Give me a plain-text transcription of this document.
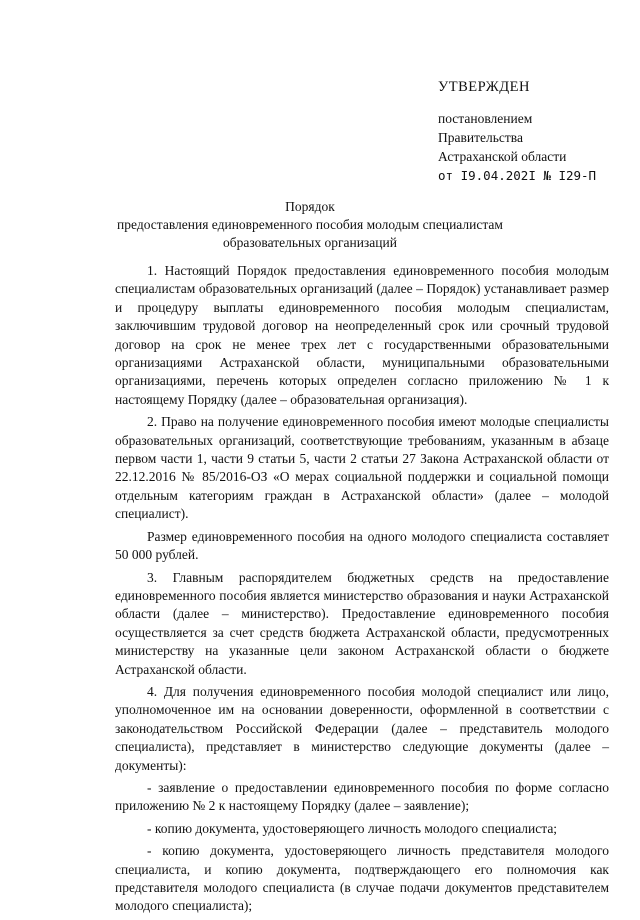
УТВЕРЖДЕН
постановлением
Правительства
Астраханской области
от I9.04.202I № I29-П
Порядок
предоставления единовременного пособия молодым специалистам
образовательных организаций

1. Настоящий Порядок предоставления единовременного пособия молодым специалистам образовательных организаций (далее – Порядок) устанавливает размер и процедуру выплаты единовременного пособия молодым специалистам, заключившим трудовой договор на неопределенный срок или срочный трудовой договор на срок не менее трех лет с государственными образовательными организациями Астраханской области, муниципальными образовательными организациями, перечень которых определен согласно приложению № 1 к настоящему Порядку (далее – образовательная организация).

2. Право на получение единовременного пособия имеют молодые специалисты образовательных организаций, соответствующие требованиям, указанным в абзаце первом части 1, части 9 статьи 5, части 2 статьи 27 Закона Астраханской области от 22.12.2016 № 85/2016-ОЗ «О мерах социальной поддержки и социальной помощи отдельным категориям граждан в Астраханской области» (далее – молодой специалист).

Размер единовременного пособия на одного молодого специалиста составляет 50 000 рублей.

3. Главным распорядителем бюджетных средств на предоставление единовременного пособия является министерство образования и науки Астраханской области (далее – министерство). Предоставление единовременного пособия осуществляется за счет средств бюджета Астраханской области, предусмотренных министерству на указанные цели законом Астраханской области о бюджете Астраханской области.

4. Для получения единовременного пособия молодой специалист или лицо, уполномоченное им на основании доверенности, оформленной в соответствии с законодательством Российской Федерации (далее – представитель молодого специалиста), представляет в министерство следующие документы (далее – документы):

- заявление о предоставлении единовременного пособия по форме согласно приложению № 2 к настоящему Порядку (далее – заявление);

- копию документа, удостоверяющего личность молодого специалиста;

- копию документа, удостоверяющего личность представителя молодого специалиста, и копию документа, подтверждающего его полномочия как представителя молодого специалиста (в случае подачи документов представителем молодого специалиста);
